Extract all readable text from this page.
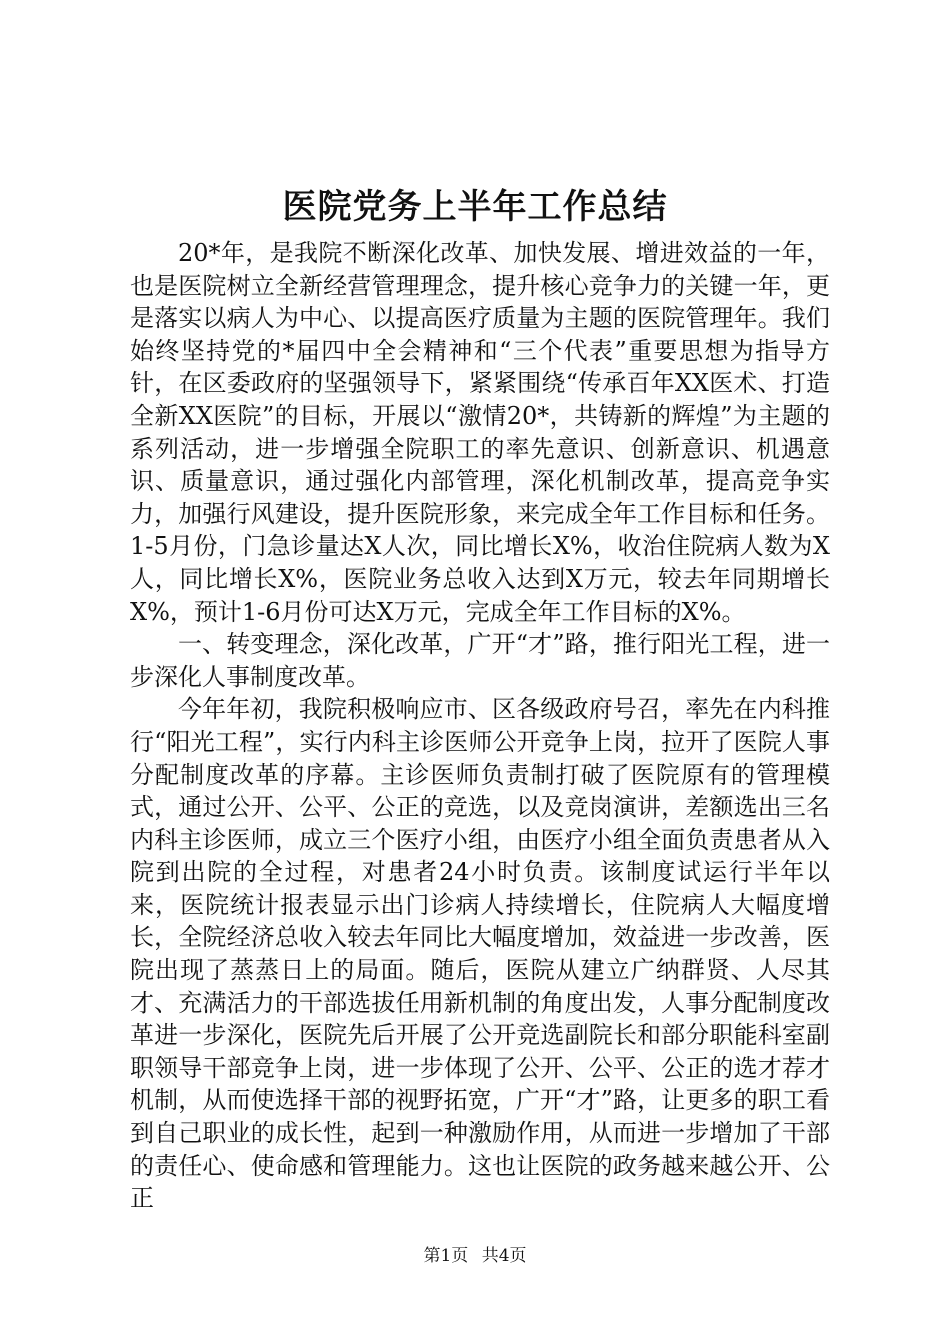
医院党务上半年工作总结

20*年，是我院不断深化改革、加快发展、增进效益的一年，也是医院树立全新经营管理理念，提升核心竞争力的关键一年，更是落实以病人为中心、以提高医疗质量为主题的医院管理年。我们始终坚持党的*届四中全会精神和“三个代表”重要思想为指导方针，在区委政府的坚强领导下，紧紧围绕“传承百年XX医术、打造全新XX医院”的目标，开展以“激情20*，共铸新的辉煌”为主题的系列活动，进一步增强全院职工的率先意识、创新意识、机遇意识、质量意识，通过强化内部管理，深化机制改革，提高竞争实力，加强行风建设，提升医院形象，来完成全年工作目标和任务。1-5月份，门急诊量达X人次，同比增长X%，收治住院病人数为X人，同比增长X%，医院业务总收入达到X万元，较去年同期增长X%，预计1-6月份可达X万元，完成全年工作目标的X%。

一、转变理念，深化改革，广开“才”路，推行阳光工程，进一步深化人事制度改革。

今年年初，我院积极响应市、区各级政府号召，率先在内科推行“阳光工程”，实行内科主诊医师公开竞争上岗，拉开了医院人事分配制度改革的序幕。主诊医师负责制打破了医院原有的管理模式，通过公开、公平、公正的竞选，以及竞岗演讲，差额选出三名内科主诊医师，成立三个医疗小组，由医疗小组全面负责患者从入院到出院的全过程，对患者24小时负责。该制度试运行半年以来，医院统计报表显示出门诊病人持续增长，住院病人大幅度增长，全院经济总收入较去年同比大幅度增加，效益进一步改善，医院出现了蒸蒸日上的局面。随后，医院从建立广纳群贤、人尽其才、充满活力的干部选拔任用新机制的角度出发，人事分配制度改革进一步深化，医院先后开展了公开竞选副院长和部分职能科室副职领导干部竞争上岗，进一步体现了公开、公平、公正的选才荐才机制，从而使选择干部的视野拓宽，广开“才”路，让更多的职工看到自己职业的成长性，起到一种激励作用，从而进一步增加了干部的责任心、使命感和管理能力。这也让医院的政务越来越公开、公正

第1页 共4页
